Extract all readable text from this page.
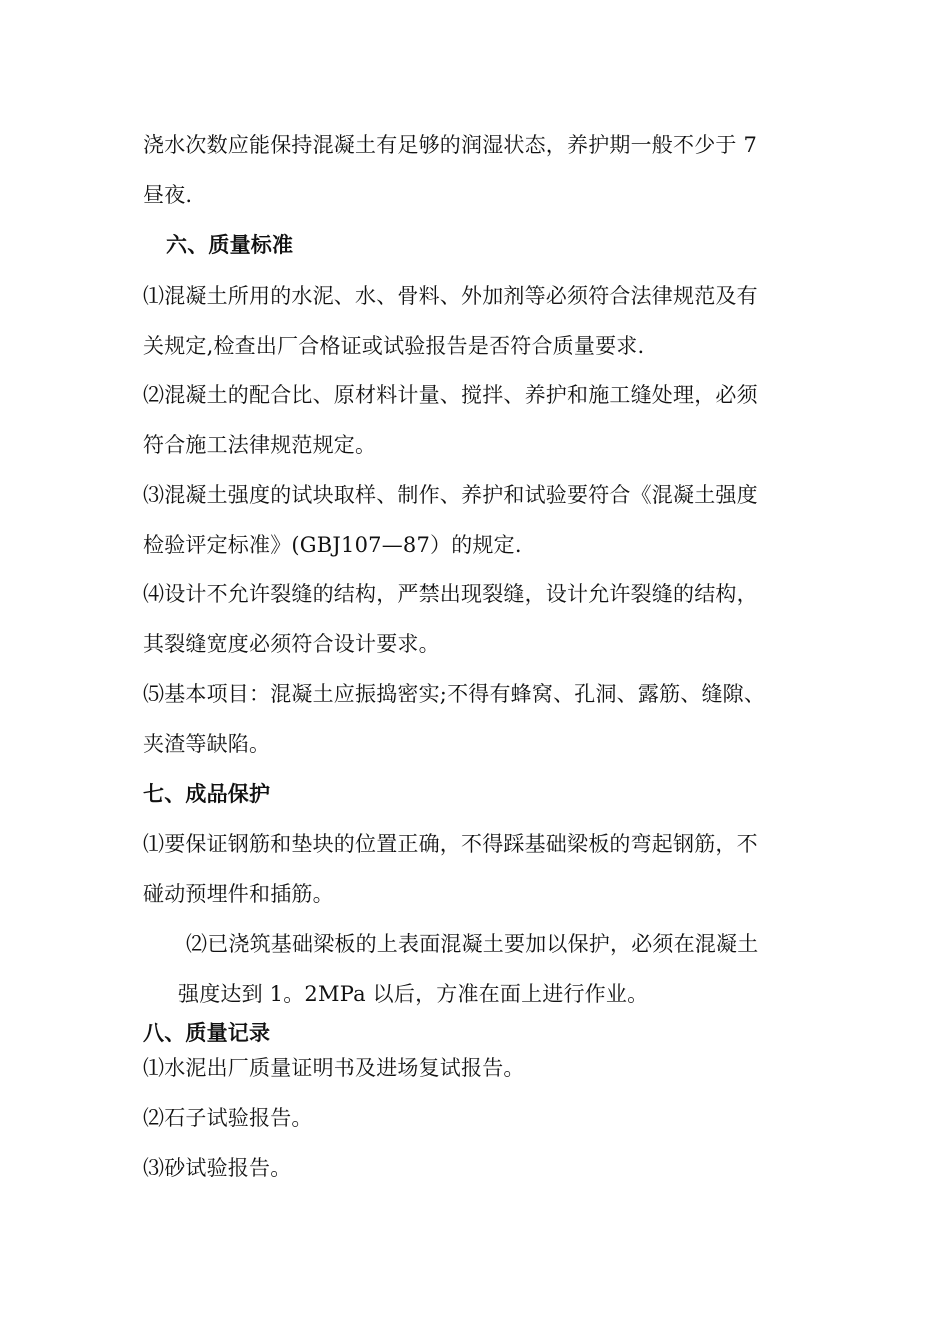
浇水次数应能保持混凝土有足够的润湿状态，养护期一般不少于 7
昼夜.
六、质量标准
⑴混凝土所用的水泥、水、骨料、外加剂等必须符合法律规范及有
关规定,检查出厂合格证或试验报告是否符合质量要求.
⑵混凝土的配合比、原材料计量、搅拌、养护和施工缝处理，必须
符合施工法律规范规定。
⑶混凝土强度的试块取样、制作、养护和试验要符合《混凝土强度
检验评定标准》(GBJ107—87）的规定.
⑷设计不允许裂缝的结构，严禁出现裂缝，设计允许裂缝的结构，
其裂缝宽度必须符合设计要求。
⑸基本项目：混凝土应振捣密实;不得有蜂窝、孔洞、露筋、缝隙、
夹渣等缺陷。
七、成品保护
⑴要保证钢筋和垫块的位置正确，不得踩基础梁板的弯起钢筋，不
碰动预埋件和插筋。
⑵已浇筑基础梁板的上表面混凝土要加以保护，必须在混凝土
强度达到 1。2MPa 以后，方准在面上进行作业。
八、质量记录
⑴水泥出厂质量证明书及进场复试报告。
⑵石子试验报告。
⑶砂试验报告。
